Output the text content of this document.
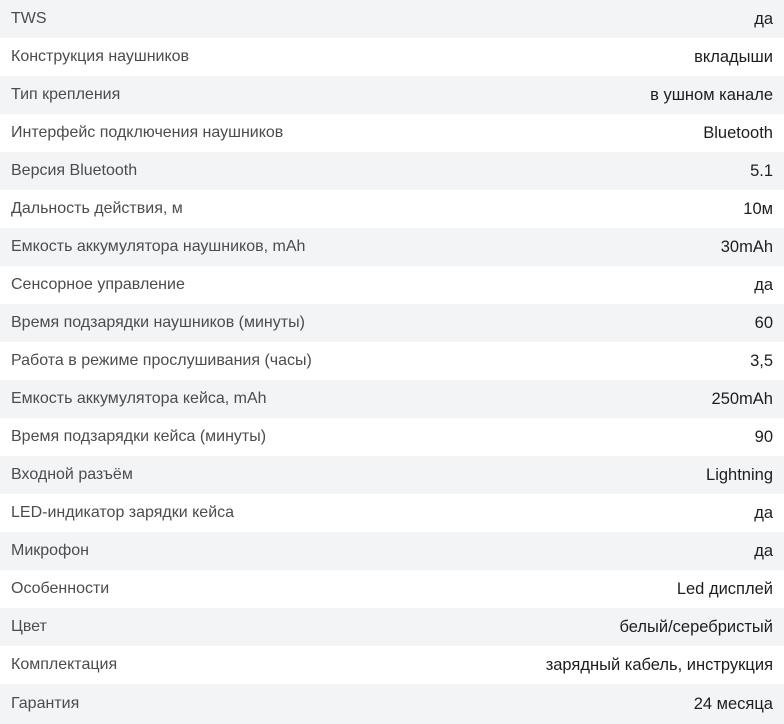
TWS	да
Конструкция наушников	вкладыши
Тип крепления	в ушном канале
Интерфейс подключения наушников	Bluetooth
Версия Bluetooth	5.1
Дальность действия, м	10м
Емкость аккумулятора наушников, mAh	30mAh
Сенсорное управление	да
Время подзарядки наушников (минуты)	60
Работа в режиме прослушивания (часы)	3,5
Емкость аккумулятора кейса, mAh	250mAh
Время подзарядки кейса (минуты)	90
Входной разъём	Lightning
LED-индикатор зарядки кейса	да
Микрофон	да
Особенности	Led дисплей
Цвет	белый/серебристый
Комплектация	зарядный кабель, инструкция
Гарантия	24 месяца
